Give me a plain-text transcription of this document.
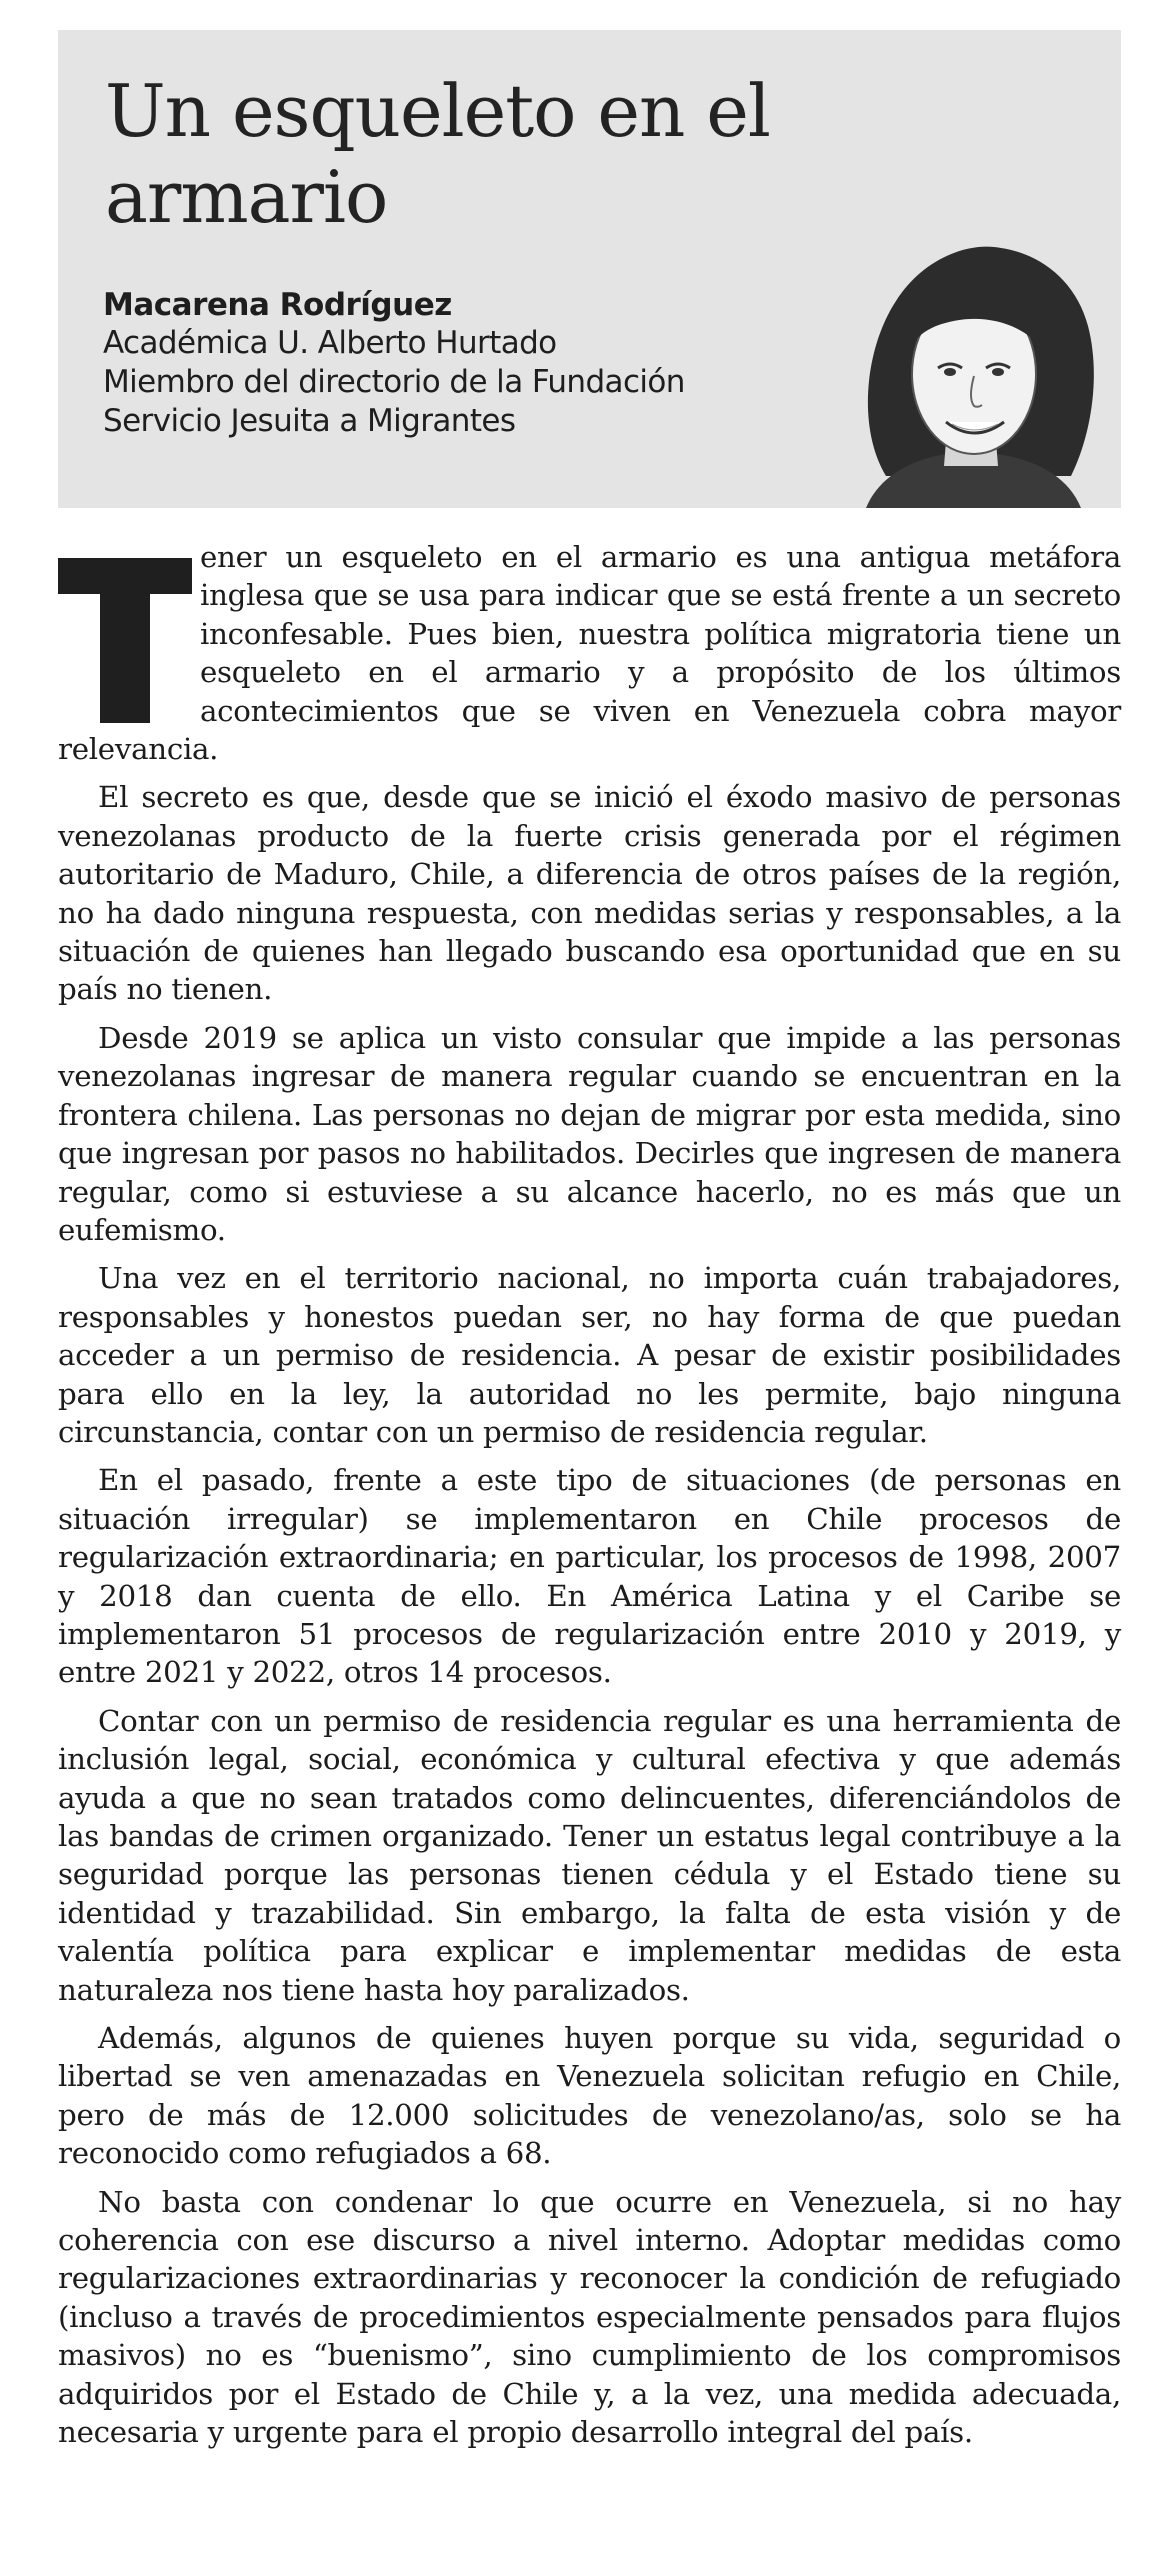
Un esqueleto en el armario
Macarena Rodríguez
Académica U. Alberto Hurtado
Miembro del directorio de la Fundación
Servicio Jesuita a Migrantes

ener un esqueleto en el armario es una antigua metáfora inglesa que se usa para indicar que se está frente a un secreto inconfesable. Pues bien, nuestra política migratoria tiene un esqueleto en el armario y a propósito de los últimos acontecimientos que se viven en Venezuela cobra mayor relevancia.

El secreto es que, desde que se inició el éxodo masivo de personas venezolanas producto de la fuerte crisis generada por el régimen autoritario de Maduro, Chile, a diferencia de otros países de la región, no ha dado ninguna respuesta, con medidas serias y responsables, a la situación de quienes han llegado buscando esa oportunidad que en su país no tienen.

Desde 2019 se aplica un visto consular que impide a las personas venezolanas ingresar de manera regular cuando se encuentran en la frontera chilena. Las personas no dejan de migrar por esta medida, sino que ingresan por pasos no habilitados. Decirles que ingresen de manera regular, como si estuviese a su alcance hacerlo, no es más que un eufemismo.

Una vez en el territorio nacional, no importa cuán trabajadores, responsables y honestos puedan ser, no hay forma de que puedan acceder a un permiso de residencia. A pesar de existir posibilidades para ello en la ley, la autoridad no les permite, bajo ninguna circunstancia, contar con un permiso de residencia regular.

En el pasado, frente a este tipo de situaciones (de personas en situación irregular) se implementaron en Chile procesos de regularización extraordinaria; en particular, los procesos de 1998, 2007 y 2018 dan cuenta de ello. En América Latina y el Caribe se implementaron 51 procesos de regularización entre 2010 y 2019, y entre 2021 y 2022, otros 14 procesos.

Contar con un permiso de residencia regular es una herramienta de inclusión legal, social, económica y cultural efectiva y que además ayuda a que no sean tratados como delincuentes, diferenciándolos de las bandas de crimen organizado. Tener un estatus legal contribuye a la seguridad porque las personas tienen cédula y el Estado tiene su identidad y trazabilidad. Sin embargo, la falta de esta visión y de valentía política para explicar e implementar medidas de esta naturaleza nos tiene hasta hoy paralizados.

Además, algunos de quienes huyen porque su vida, seguridad o libertad se ven amenazadas en Venezuela solicitan refugio en Chile, pero de más de 12.000 solicitudes de venezolano/as, solo se ha reconocido como refugiados a 68.

No basta con condenar lo que ocurre en Venezuela, si no hay coherencia con ese discurso a nivel interno. Adoptar medidas como regularizaciones extraordinarias y reconocer la condición de refugiado (incluso a través de procedimientos especialmente pensados para flujos masivos) no es “buenismo”, sino cumplimiento de los compromisos adquiridos por el Estado de Chile y, a la vez, una medida adecuada, necesaria y urgente para el propio desarrollo integral del país.
